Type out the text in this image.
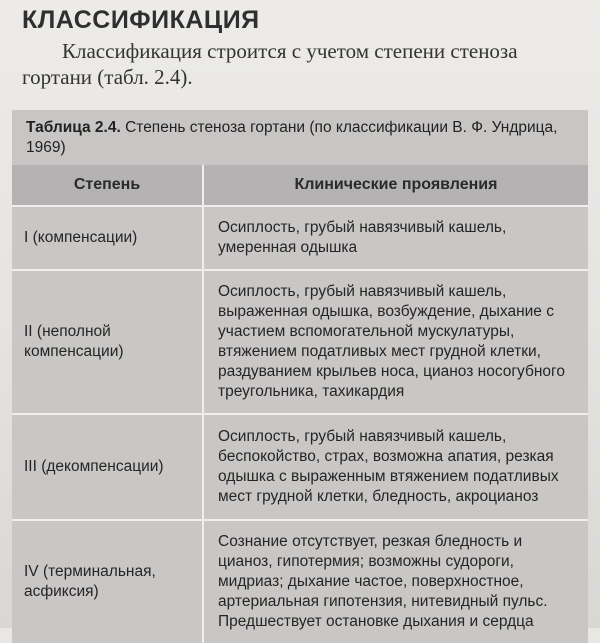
КЛАССИФИКАЦИЯ
Классификация строится с учетом степени стеноза гортани (табл. 2.4).
Таблица 2.4. Степень стеноза гортани (по классификации В. Ф. Ундрица, 1969)
Степень	Клинические проявления
I (компенсации)	Осиплость, грубый навязчивый кашель, умеренная одышка
II (неполной компенсации)	Осиплость, грубый навязчивый кашель, выраженная одышка, возбуждение, дыхание с участием вспомогательной мускулатуры, втяжением податливых мест грудной клетки, раздуванием крыльев носа, цианоз носогубного треугольника, тахикардия
III (декомпенсации)	Осиплость, грубый навязчивый кашель, беспокойство, страх, возможна апатия, резкая одышка с выраженным втяжением податливых мест грудной клетки, бледность, акроцианоз
IV (терминальная, асфиксия)	Сознание отсутствует, резкая бледность и цианоз, гипотермия; возможны судороги, мидриаз; дыхание частое, поверхностное, артериальная гипотензия, нитевидный пульс. Предшествует остановке дыхания и сердца
